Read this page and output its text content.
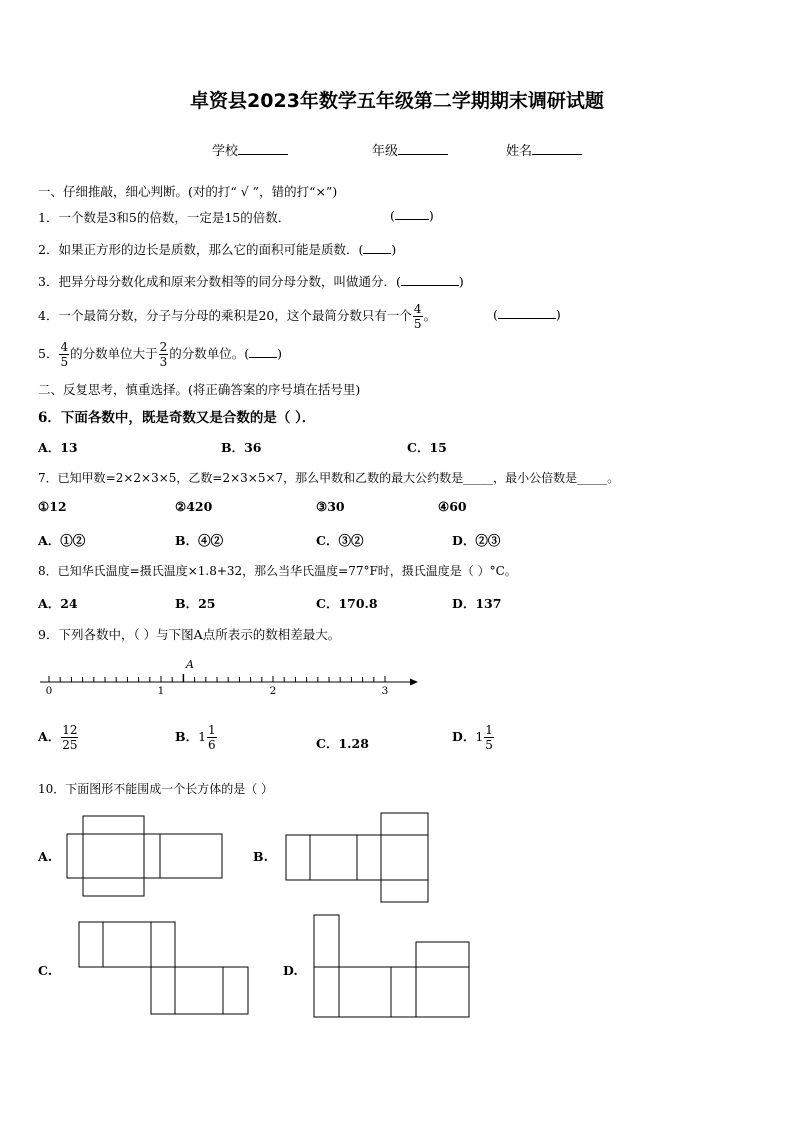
卓资县2023年数学五年级第二学期期末调研试题
学校	年级	姓名
一、仔细推敲，细心判断。(对的打“ √ ”，错的打“×”)
1．一个数是3和5的倍数，一定是15的倍数．	(	)
2．如果正方形的边长是质数，那么它的面积可能是质数．( )
3．把异分母分数化成和原来分数相等的同分母分数，叫做通分．(	)
4．一个最简分数，分子与分母的乘积是20，这个最简分数只有一个 $\frac{4}{5}$ 。	(	)
5． $\frac{4}{5}$ 的分数单位大于 $\frac{2}{3}$ 的分数单位。( )
二、反复思考，慎重选择。(将正确答案的序号填在括号里)
6．下面各数中，既是奇数又是合数的是（ ）．
A．13	B．36	C．15
7．已知甲数=2×2×3×5，乙数=2×3×5×7，那么甲数和乙数的最大公约数是_____，最小公倍数是_____。
①12	②420	③30	④60
A．①②	B．④②	C．③②	D．②③
8．已知华氏温度=摄氏温度×1.8+32，那么当华氏温度=77°F时，摄氏温度是（ ）°C。
A．24	B．25	C．170.8	D．137
9．下列各数中，（ ）与下图A点所表示的数相差最大。
A
0	1	2	3
A． $\frac{12}{25}$	B．$1 \frac{1}{6}$	C．1.28	D．$1 \frac{1}{5}$
10．下面图形不能围成一个长方体的是（ ）
A.	B.
C.	D.
